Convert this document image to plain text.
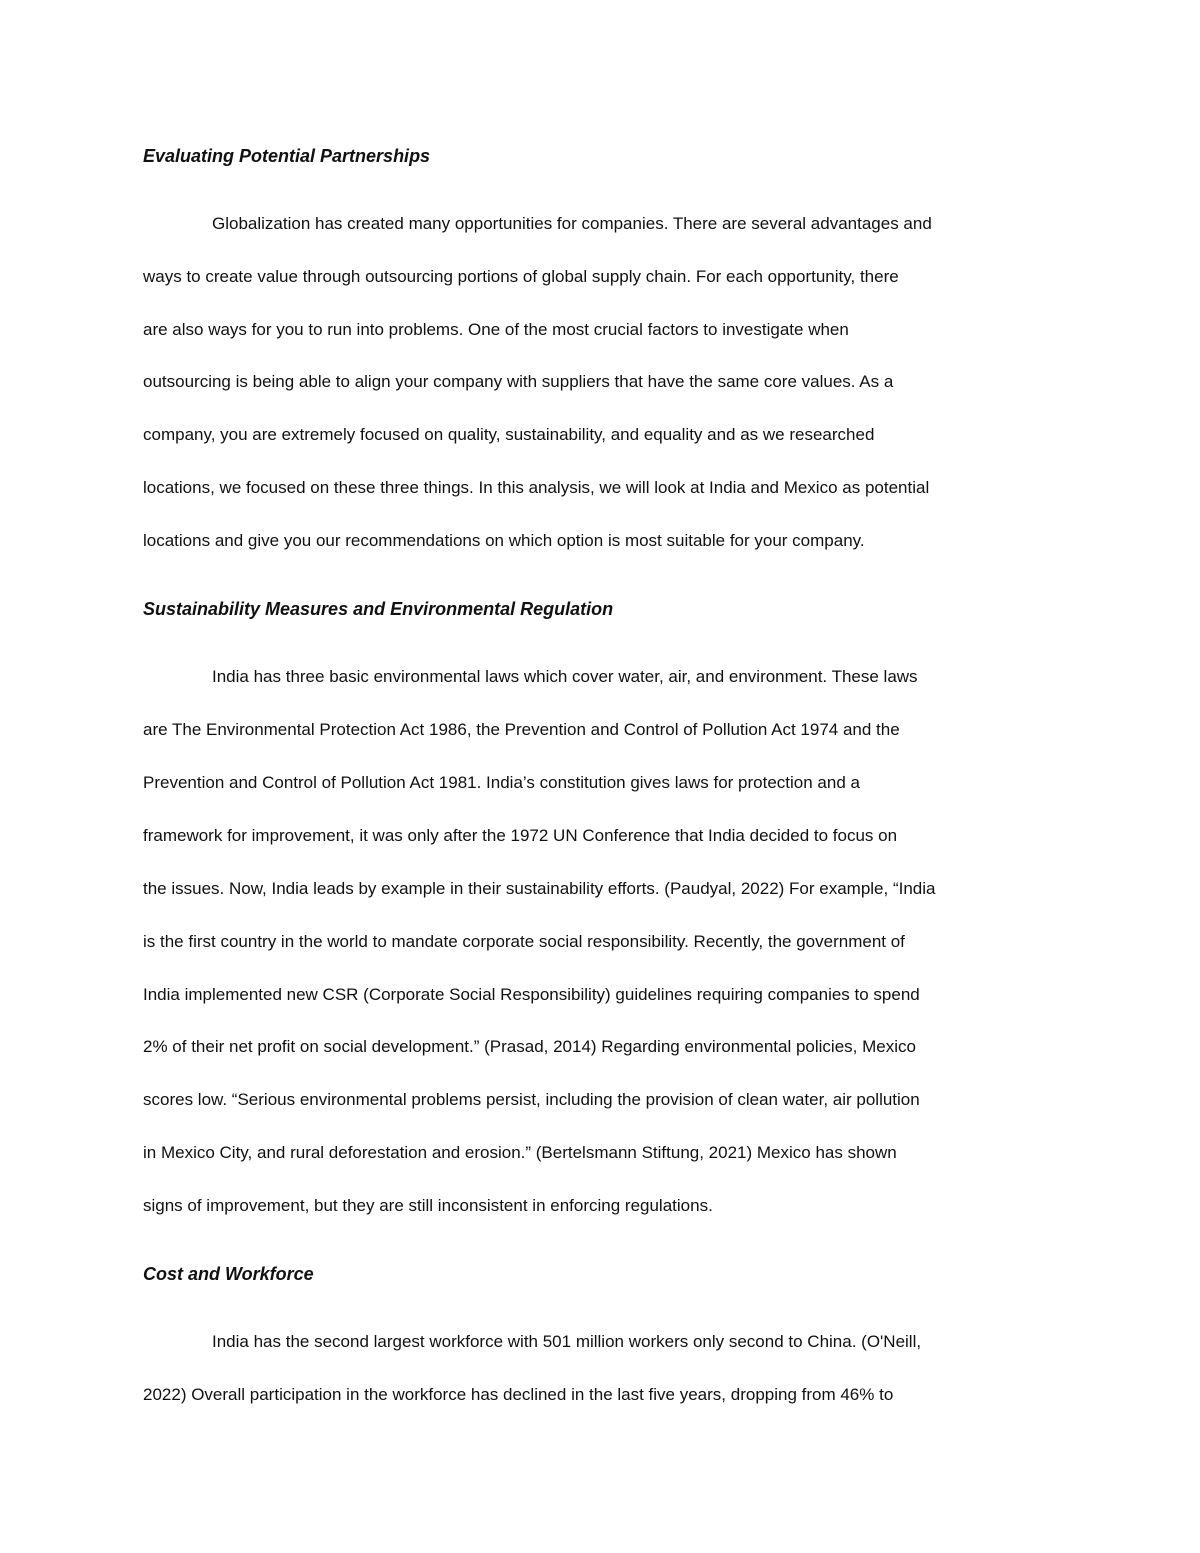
Evaluating Potential Partnerships
Globalization has created many opportunities for companies. There are several advantages and
ways to create value through outsourcing portions of global supply chain. For each opportunity, there
are also ways for you to run into problems. One of the most crucial factors to investigate when
outsourcing is being able to align your company with suppliers that have the same core values. As a
company, you are extremely focused on quality, sustainability, and equality and as we researched
locations, we focused on these three things. In this analysis, we will look at India and Mexico as potential
locations and give you our recommendations on which option is most suitable for your company.
Sustainability Measures and Environmental Regulation
India has three basic environmental laws which cover water, air, and environment. These laws
are The Environmental Protection Act 1986, the Prevention and Control of Pollution Act 1974 and the
Prevention and Control of Pollution Act 1981. India’s constitution gives laws for protection and a
framework for improvement, it was only after the 1972 UN Conference that India decided to focus on
the issues. Now, India leads by example in their sustainability efforts. (Paudyal, 2022) For example, “India
is the first country in the world to mandate corporate social responsibility. Recently, the government of
India implemented new CSR (Corporate Social Responsibility) guidelines requiring companies to spend
2% of their net profit on social development.” (Prasad, 2014) Regarding environmental policies, Mexico
scores low. “Serious environmental problems persist, including the provision of clean water, air pollution
in Mexico City, and rural deforestation and erosion.” (Bertelsmann Stiftung, 2021) Mexico has shown
signs of improvement, but they are still inconsistent in enforcing regulations.
Cost and Workforce
India has the second largest workforce with 501 million workers only second to China. (O'Neill,
2022) Overall participation in the workforce has declined in the last five years, dropping from 46% to
